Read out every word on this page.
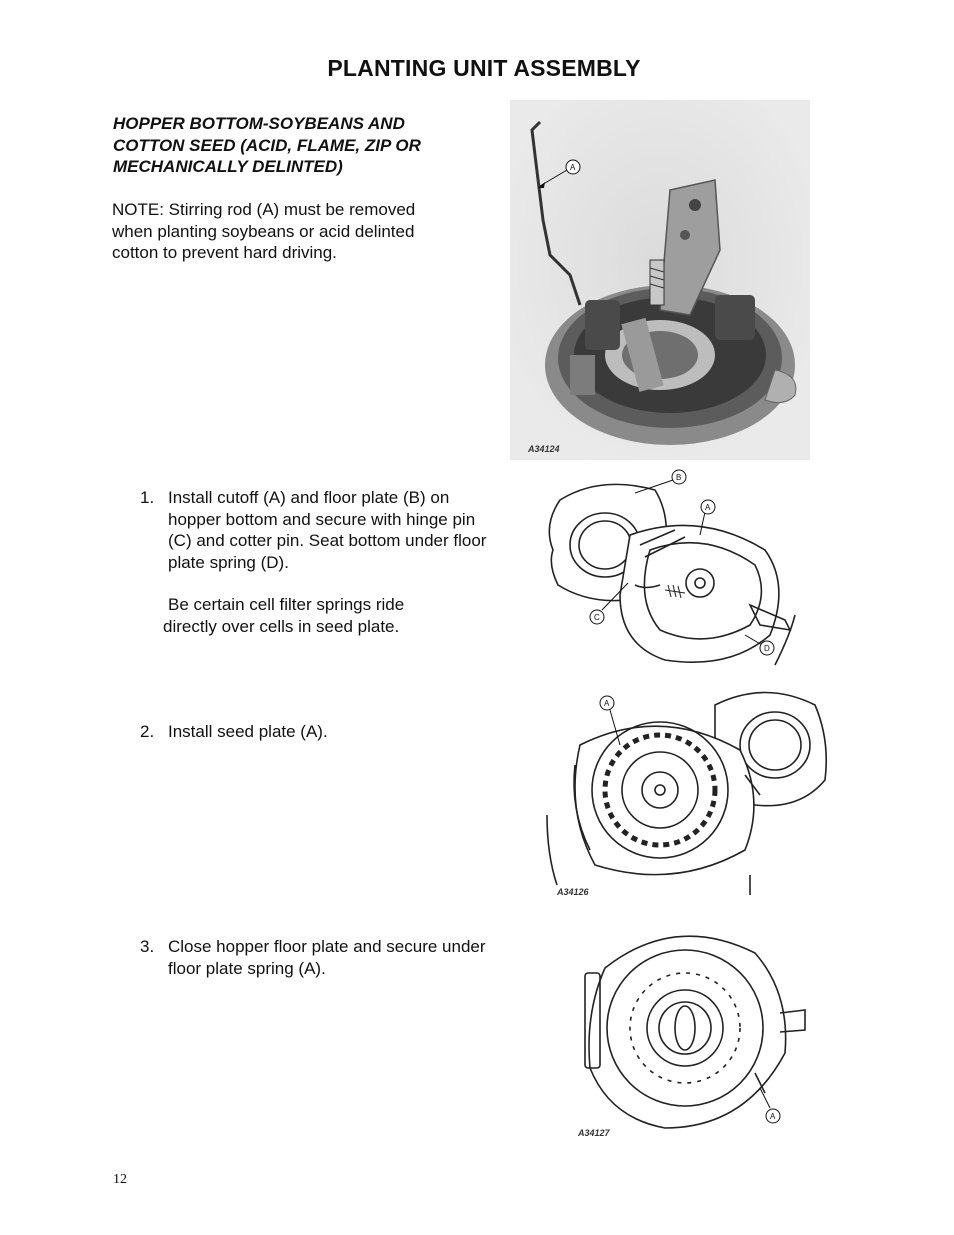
PLANTING UNIT ASSEMBLY
HOPPER BOTTOM-SOYBEANS AND
COTTON SEED (ACID, FLAME, ZIP OR
MECHANICALLY DELINTED)
NOTE: Stirring rod (A) must be removed
when planting soybeans or acid delinted
cotton to prevent hard driving.
A
A34124
1. Install cutoff (A) and floor plate (B) on
hopper bottom and secure with hinge pin
(C) and cotter pin. Seat bottom under floor
plate spring (D).
Be certain cell filter springs ride
directly over cells in seed plate.
B
A
C
D
2. Install seed plate (A).
A
A34126
3. Close hopper floor plate and secure under
floor plate spring (A).
A
A34127
12
